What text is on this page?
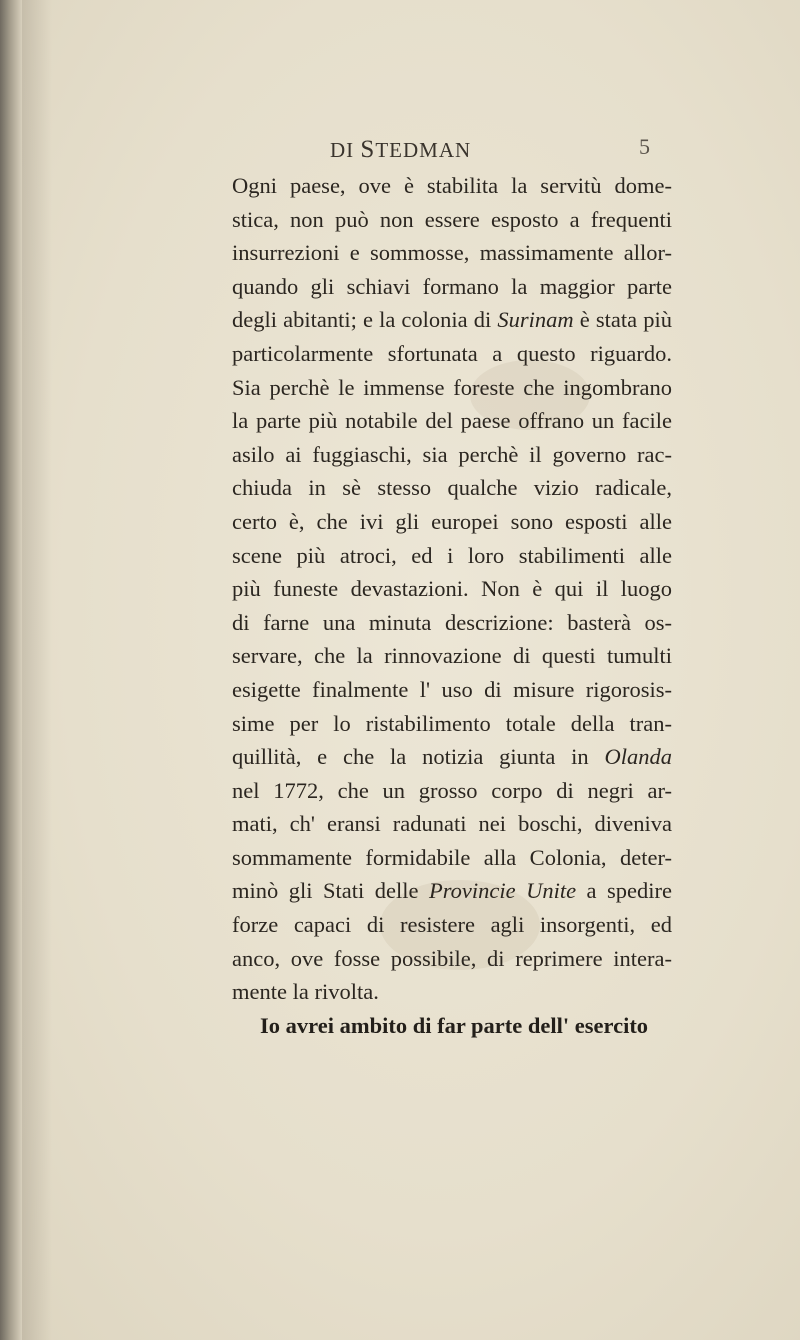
DI STEDMAN	5
Ogni paese, ove è stabilita la servitù dome-
stica, non può non essere esposto a frequenti
insurrezioni e sommosse, massimamente allor-
quando gli schiavi formano la maggior parte
degli abitanti; e la colonia di Surinam è stata più
particolarmente sfortunata a questo riguardo.
Sia perchè le immense foreste che ingombrano
la parte più notabile del paese offrano un facile
asilo ai fuggiaschi, sia perchè il governo rac-
chiuda in sè stesso qualche vizio radicale,
certo è, che ivi gli europei sono esposti alle
scene più atroci, ed i loro stabilimenti alle
più funeste devastazioni. Non è qui il luogo
di farne una minuta descrizione: basterà os-
servare, che la rinnovazione di questi tumulti
esigette finalmente l' uso di misure rigorosis-
sime per lo ristabilimento totale della tran-
quillità, e che la notizia giunta in Olanda
nel 1772, che un grosso corpo di negri ar-
mati, ch' eransi radunati nei boschi, diveniva
sommamente formidabile alla Colonia, deter-
minò gli Stati delle Provincie Unite a spedire
forze capaci di resistere agli insorgenti, ed
anco, ove fosse possibile, di reprimere intera-
mente la rivolta.
Io avrei ambito di far parte dell' esercito
